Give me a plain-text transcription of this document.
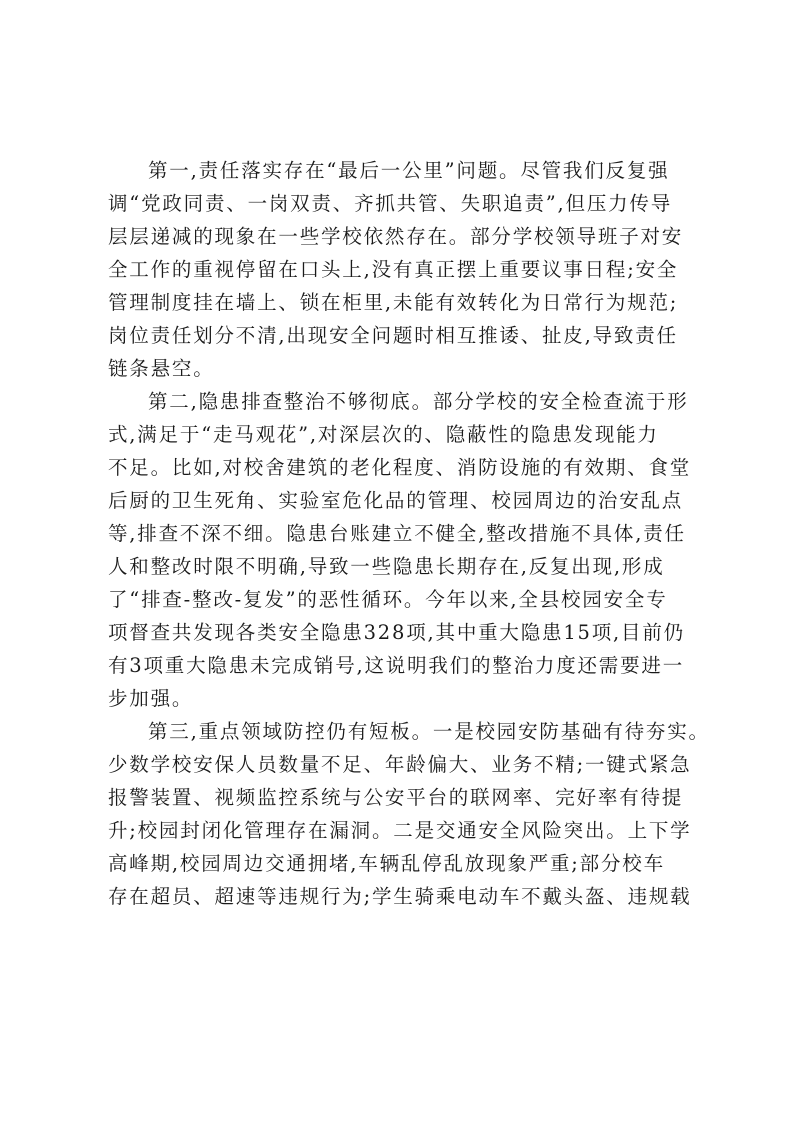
第一,责任落实存在“最后一公里”问题。尽管我们反复强
调“党政同责、一岗双责、齐抓共管、失职追责”,但压力传导
层层递减的现象在一些学校依然存在。部分学校领导班子对安
全工作的重视停留在口头上,没有真正摆上重要议事日程;安全
管理制度挂在墙上、锁在柜里,未能有效转化为日常行为规范;
岗位责任划分不清,出现安全问题时相互推诿、扯皮,导致责任
链条悬空。
第二,隐患排查整治不够彻底。部分学校的安全检查流于形
式,满足于“走马观花”,对深层次的、隐蔽性的隐患发现能力
不足。比如,对校舍建筑的老化程度、消防设施的有效期、食堂
后厨的卫生死角、实验室危化品的管理、校园周边的治安乱点
等,排查不深不细。隐患台账建立不健全,整改措施不具体,责任
人和整改时限不明确,导致一些隐患长期存在,反复出现,形成
了“排查-整改-复发”的恶性循环。今年以来,全县校园安全专
项督查共发现各类安全隐患328项,其中重大隐患15项,目前仍
有3项重大隐患未完成销号,这说明我们的整治力度还需要进一
步加强。
第三,重点领域防控仍有短板。一是校园安防基础有待夯实。
少数学校安保人员数量不足、年龄偏大、业务不精;一键式紧急
报警装置、视频监控系统与公安平台的联网率、完好率有待提
升;校园封闭化管理存在漏洞。二是交通安全风险突出。上下学
高峰期,校园周边交通拥堵,车辆乱停乱放现象严重;部分校车
存在超员、超速等违规行为;学生骑乘电动车不戴头盔、违规载
